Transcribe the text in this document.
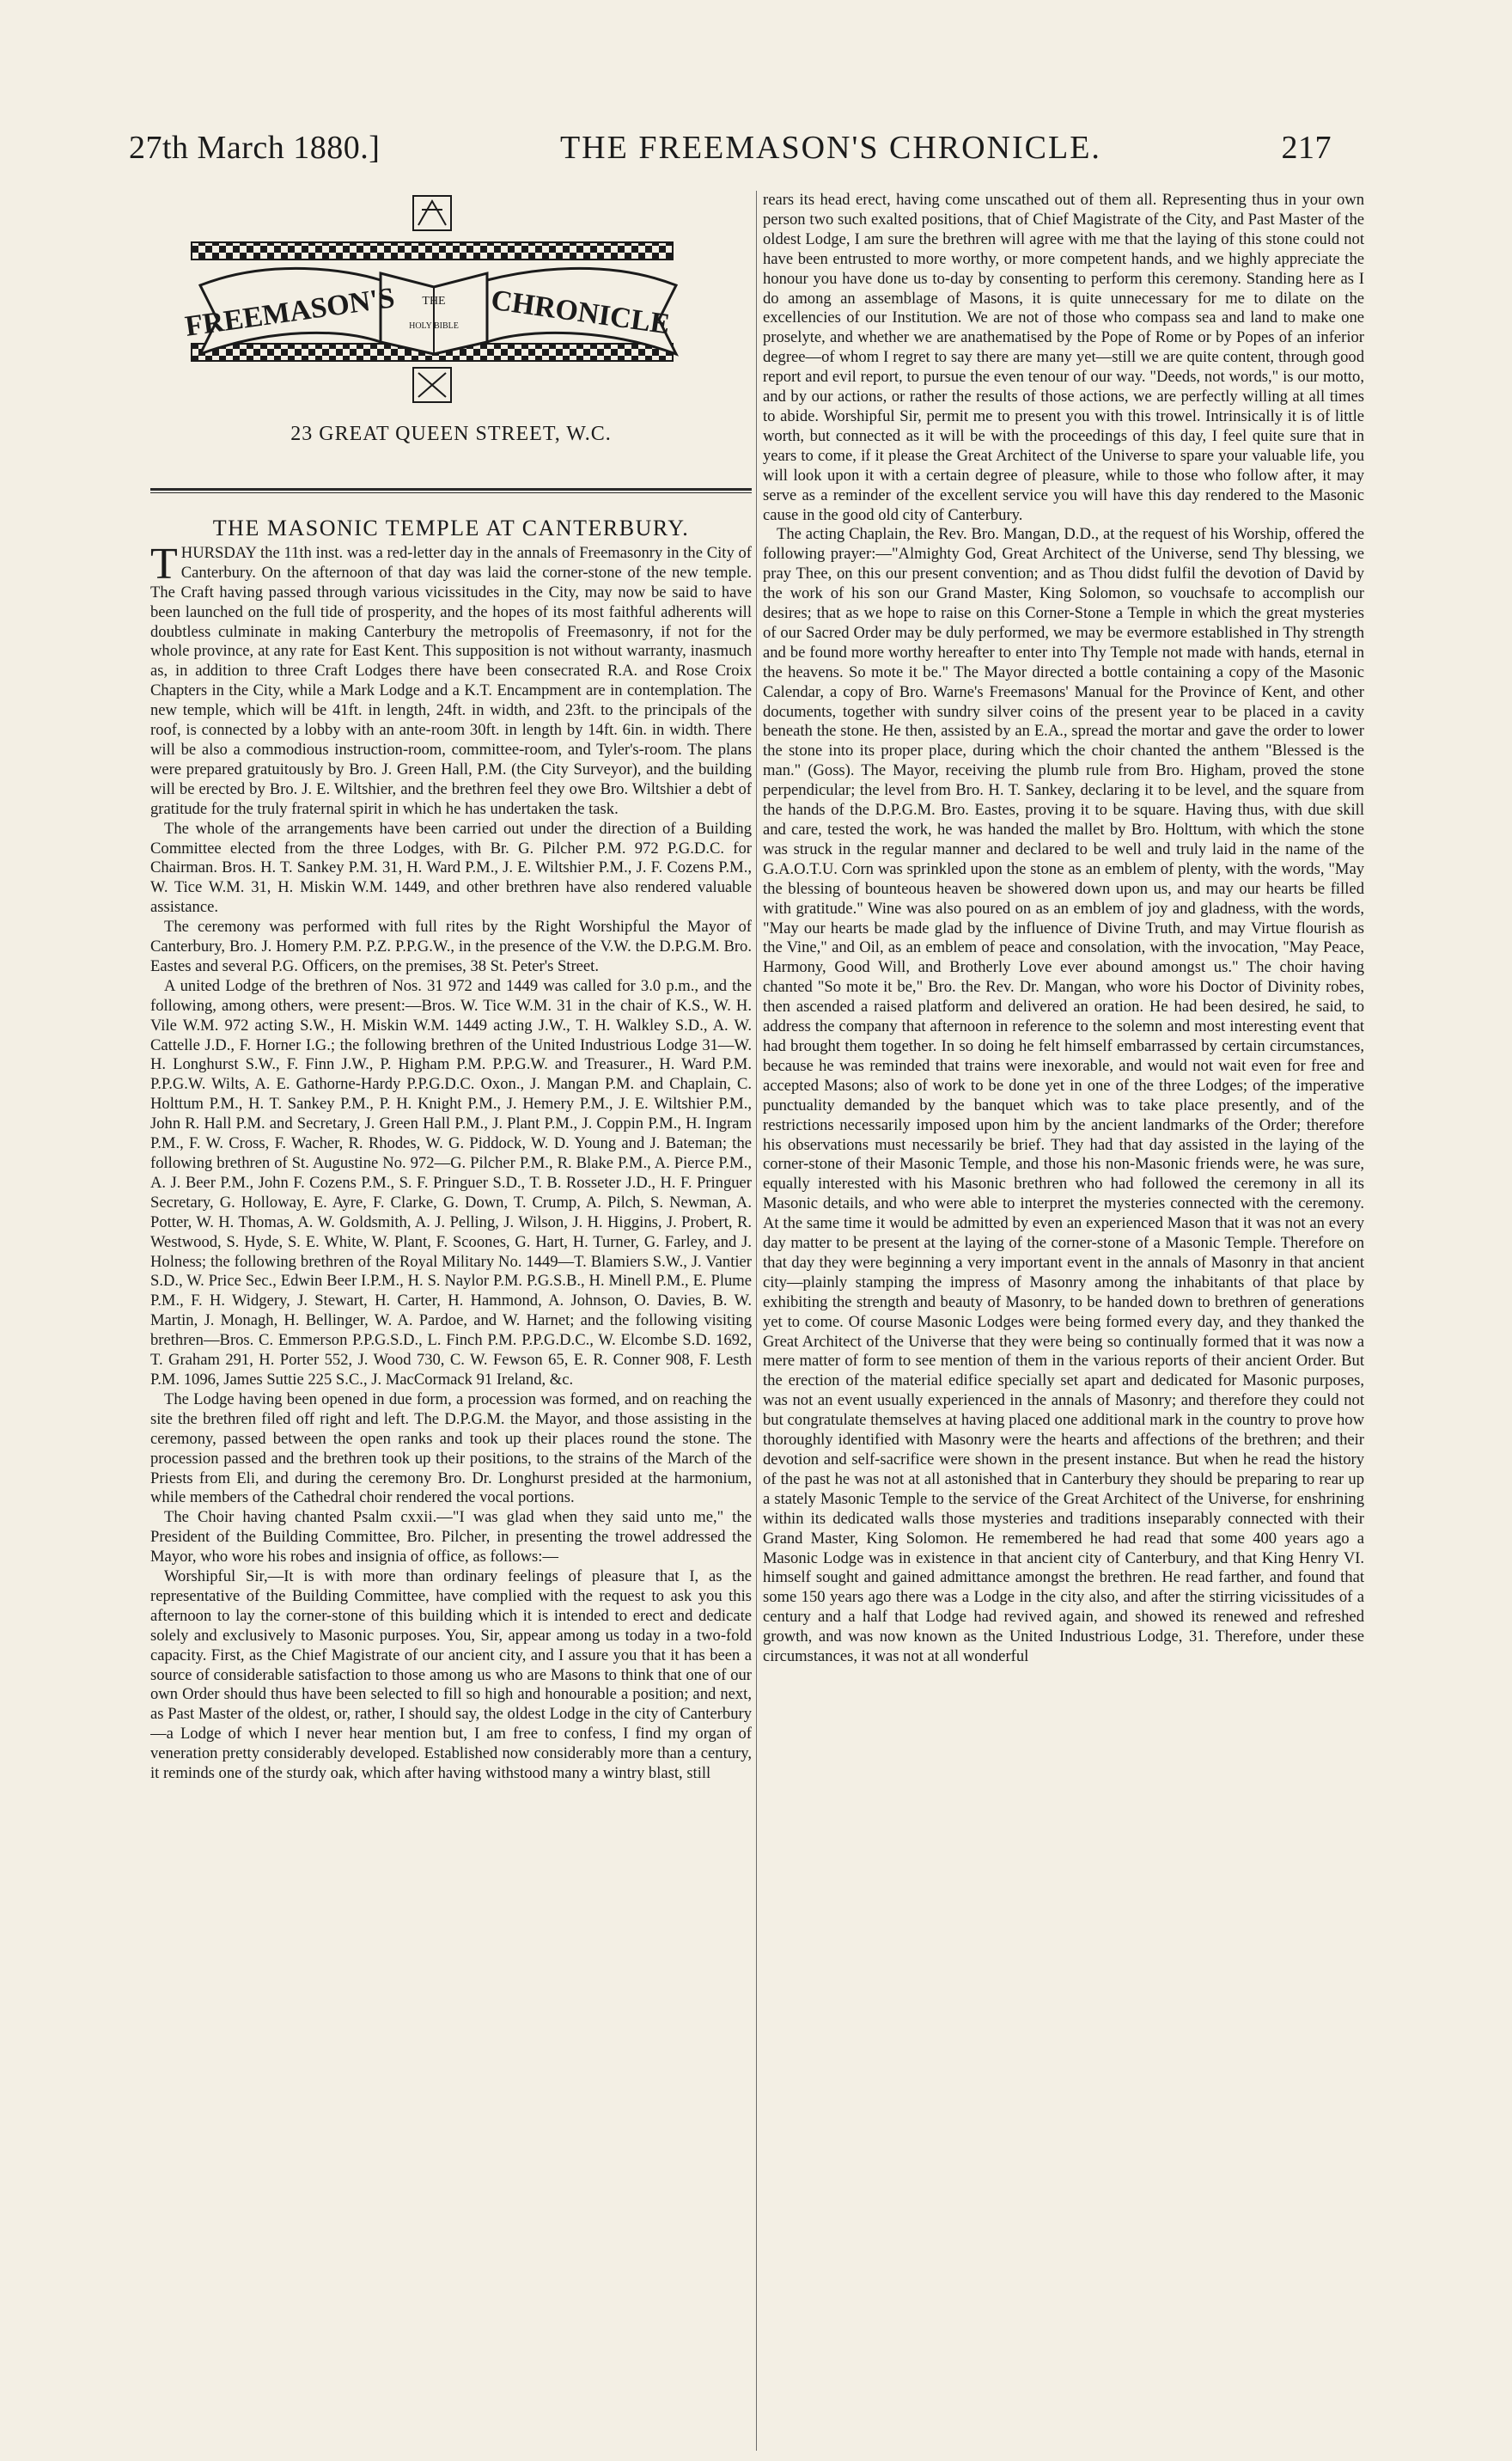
27th March 1880.]	THE FREEMASON'S CHRONICLE.	217
FREEMASON'S THE
HOLY BIBLE CHRONICLE
23 GREAT QUEEN STREET, W.C.
THE MASONIC TEMPLE AT CANTERBURY.

THURSDAY the 11th inst. was a red-letter day in the annals of Freemasonry in the City of Canterbury. On the afternoon of that day was laid the corner-stone of the new temple. The Craft having passed through various vicissitudes in the City, may now be said to have been launched on the full tide of prosperity, and the hopes of its most faithful adherents will doubtless culminate in making Canterbury the metropolis of Freemasonry, if not for the whole province, at any rate for East Kent. This supposition is not without warranty, inasmuch as, in addition to three Craft Lodges there have been consecrated R.A. and Rose Croix Chapters in the City, while a Mark Lodge and a K.T. Encampment are in contemplation. The new temple, which will be 41ft. in length, 24ft. in width, and 23ft. to the principals of the roof, is connected by a lobby with an ante-room 30ft. in length by 14ft. 6in. in width. There will be also a commodious instruction-room, committee-room, and Tyler's-room. The plans were prepared gratuitously by Bro. J. Green Hall, P.M. (the City Surveyor), and the building will be erected by Bro. J. E. Wiltshier, and the brethren feel they owe Bro. Wiltshier a debt of gratitude for the truly fraternal spirit in which he has undertaken the task.

The whole of the arrangements have been carried out under the direction of a Building Committee elected from the three Lodges, with Br. G. Pilcher P.M. 972 P.G.D.C. for Chairman. Bros. H. T. Sankey P.M. 31, H. Ward P.M., J. E. Wiltshier P.M., J. F. Cozens P.M., W. Tice W.M. 31, H. Miskin W.M. 1449, and other brethren have also rendered valuable assistance.

The ceremony was performed with full rites by the Right Worshipful the Mayor of Canterbury, Bro. J. Homery P.M. P.Z. P.P.G.W., in the presence of the V.W. the D.P.G.M. Bro. Eastes and several P.G. Officers, on the premises, 38 St. Peter's Street.

A united Lodge of the brethren of Nos. 31 972 and 1449 was called for 3.0 p.m., and the following, among others, were present:—Bros. W. Tice W.M. 31 in the chair of K.S., W. H. Vile W.M. 972 acting S.W., H. Miskin W.M. 1449 acting J.W., T. H. Walkley S.D., A. W. Cattelle J.D., F. Horner I.G.; the following brethren of the United Industrious Lodge 31—W. H. Longhurst S.W., F. Finn J.W., P. Higham P.M. P.P.G.W. and Treasurer., H. Ward P.M. P.P.G.W. Wilts, A. E. Gathorne-Hardy P.P.G.D.C. Oxon., J. Mangan P.M. and Chaplain, C. Holttum P.M., H. T. Sankey P.M., P. H. Knight P.M., J. Hemery P.M., J. E. Wiltshier P.M., John R. Hall P.M. and Secretary, J. Green Hall P.M., J. Plant P.M., J. Coppin P.M., H. Ingram P.M., F. W. Cross, F. Wacher, R. Rhodes, W. G. Piddock, W. D. Young and J. Bateman; the following brethren of St. Augustine No. 972—G. Pilcher P.M., R. Blake P.M., A. Pierce P.M., A. J. Beer P.M., John F. Cozens P.M., S. F. Pringuer S.D., T. B. Rosseter J.D., H. F. Pringuer Secretary, G. Holloway, E. Ayre, F. Clarke, G. Down, T. Crump, A. Pilch, S. Newman, A. Potter, W. H. Thomas, A. W. Goldsmith, A. J. Pelling, J. Wilson, J. H. Higgins, J. Probert, R. Westwood, S. Hyde, S. E. White, W. Plant, F. Scoones, G. Hart, H. Turner, G. Farley, and J. Holness; the following brethren of the Royal Military No. 1449—T. Blamiers S.W., J. Vantier S.D., W. Price Sec., Edwin Beer I.P.M., H. S. Naylor P.M. P.G.S.B., H. Minell P.M., E. Plume P.M., F. H. Widgery, J. Stewart, H. Carter, H. Hammond, A. Johnson, O. Davies, B. W. Martin, J. Monagh, H. Bellinger, W. A. Pardoe, and W. Harnet; and the following visiting brethren—Bros. C. Emmerson P.P.G.S.D., L. Finch P.M. P.P.G.D.C., W. Elcombe S.D. 1692, T. Graham 291, H. Porter 552, J. Wood 730, C. W. Fewson 65, E. R. Conner 908, F. Lesth P.M. 1096, James Suttie 225 S.C., J. MacCormack 91 Ireland, &c.

The Lodge having been opened in due form, a procession was formed, and on reaching the site the brethren filed off right and left. The D.P.G.M. the Mayor, and those assisting in the ceremony, passed between the open ranks and took up their places round the stone. The procession passed and the brethren took up their positions, to the strains of the March of the Priests from Eli, and during the ceremony Bro. Dr. Longhurst presided at the harmonium, while members of the Cathedral choir rendered the vocal portions.

The Choir having chanted Psalm cxxii.—"I was glad when they said unto me," the President of the Building Committee, Bro. Pilcher, in presenting the trowel addressed the Mayor, who wore his robes and insignia of office, as follows:—

Worshipful Sir,—It is with more than ordinary feelings of pleasure that I, as the representative of the Building Committee, have complied with the request to ask you this afternoon to lay the corner-stone of this building which it is intended to erect and dedicate solely and exclusively to Masonic purposes. You, Sir, appear among us today in a two-fold capacity. First, as the Chief Magistrate of our ancient city, and I assure you that it has been a source of considerable satisfaction to those among us who are Masons to think that one of our own Order should thus have been selected to fill so high and honourable a position; and next, as Past Master of the oldest, or, rather, I should say, the oldest Lodge in the city of Canterbury—a Lodge of which I never hear mention but, I am free to confess, I find my organ of veneration pretty considerably developed. Established now considerably more than a century, it reminds one of the sturdy oak, which after having withstood many a wintry blast, still

rears its head erect, having come unscathed out of them all. Representing thus in your own person two such exalted positions, that of Chief Magistrate of the City, and Past Master of the oldest Lodge, I am sure the brethren will agree with me that the laying of this stone could not have been entrusted to more worthy, or more competent hands, and we highly appreciate the honour you have done us to-day by consenting to perform this ceremony. Standing here as I do among an assemblage of Masons, it is quite unnecessary for me to dilate on the excellencies of our Institution. We are not of those who compass sea and land to make one proselyte, and whether we are anathematised by the Pope of Rome or by Popes of an inferior degree—of whom I regret to say there are many yet—still we are quite content, through good report and evil report, to pursue the even tenour of our way. "Deeds, not words," is our motto, and by our actions, or rather the results of those actions, we are perfectly willing at all times to abide. Worshipful Sir, permit me to present you with this trowel. Intrinsically it is of little worth, but connected as it will be with the proceedings of this day, I feel quite sure that in years to come, if it please the Great Architect of the Universe to spare your valuable life, you will look upon it with a certain degree of pleasure, while to those who follow after, it may serve as a reminder of the excellent service you will have this day rendered to the Masonic cause in the good old city of Canterbury.

The acting Chaplain, the Rev. Bro. Mangan, D.D., at the request of his Worship, offered the following prayer:—"Almighty God, Great Architect of the Universe, send Thy blessing, we pray Thee, on this our present convention; and as Thou didst fulfil the devotion of David by the work of his son our Grand Master, King Solomon, so vouchsafe to accomplish our desires; that as we hope to raise on this Corner-Stone a Temple in which the great mysteries of our Sacred Order may be duly performed, we may be evermore established in Thy strength and be found more worthy hereafter to enter into Thy Temple not made with hands, eternal in the heavens. So mote it be." The Mayor directed a bottle containing a copy of the Masonic Calendar, a copy of Bro. Warne's Freemasons' Manual for the Province of Kent, and other documents, together with sundry silver coins of the present year to be placed in a cavity beneath the stone. He then, assisted by an E.A., spread the mortar and gave the order to lower the stone into its proper place, during which the choir chanted the anthem "Blessed is the man." (Goss). The Mayor, receiving the plumb rule from Bro. Higham, proved the stone perpendicular; the level from Bro. H. T. Sankey, declaring it to be level, and the square from the hands of the D.P.G.M. Bro. Eastes, proving it to be square. Having thus, with due skill and care, tested the work, he was handed the mallet by Bro. Holttum, with which the stone was struck in the regular manner and declared to be well and truly laid in the name of the G.A.O.T.U. Corn was sprinkled upon the stone as an emblem of plenty, with the words, "May the blessing of bounteous heaven be showered down upon us, and may our hearts be filled with gratitude." Wine was also poured on as an emblem of joy and gladness, with the words, "May our hearts be made glad by the influence of Divine Truth, and may Virtue flourish as the Vine," and Oil, as an emblem of peace and consolation, with the invocation, "May Peace, Harmony, Good Will, and Brotherly Love ever abound amongst us." The choir having chanted "So mote it be," Bro. the Rev. Dr. Mangan, who wore his Doctor of Divinity robes, then ascended a raised platform and delivered an oration. He had been desired, he said, to address the company that afternoon in reference to the solemn and most interesting event that had brought them together. In so doing he felt himself embarrassed by certain circumstances, because he was reminded that trains were inexorable, and would not wait even for free and accepted Masons; also of work to be done yet in one of the three Lodges; of the imperative punctuality demanded by the banquet which was to take place presently, and of the restrictions necessarily imposed upon him by the ancient landmarks of the Order; therefore his observations must necessarily be brief. They had that day assisted in the laying of the corner-stone of their Masonic Temple, and those his non-Masonic friends were, he was sure, equally interested with his Masonic brethren who had followed the ceremony in all its Masonic details, and who were able to interpret the mysteries connected with the ceremony. At the same time it would be admitted by even an experienced Mason that it was not an every day matter to be present at the laying of the corner-stone of a Masonic Temple. Therefore on that day they were beginning a very important event in the annals of Masonry in that ancient city—plainly stamping the impress of Masonry among the inhabitants of that place by exhibiting the strength and beauty of Masonry, to be handed down to brethren of generations yet to come. Of course Masonic Lodges were being formed every day, and they thanked the Great Architect of the Universe that they were being so continually formed that it was now a mere matter of form to see mention of them in the various reports of their ancient Order. But the erection of the material edifice specially set apart and dedicated for Masonic purposes, was not an event usually experienced in the annals of Masonry; and therefore they could not but congratulate themselves at having placed one additional mark in the country to prove how thoroughly identified with Masonry were the hearts and affections of the brethren; and their devotion and self-sacrifice were shown in the present instance. But when he read the history of the past he was not at all astonished that in Canterbury they should be preparing to rear up a stately Masonic Temple to the service of the Great Architect of the Universe, for enshrining within its dedicated walls those mysteries and traditions inseparably connected with their Grand Master, King Solomon. He remembered he had read that some 400 years ago a Masonic Lodge was in existence in that ancient city of Canterbury, and that King Henry VI. himself sought and gained admittance amongst the brethren. He read farther, and found that some 150 years ago there was a Lodge in the city also, and after the stirring vicissitudes of a century and a half that Lodge had revived again, and showed its renewed and refreshed growth, and was now known as the United Industrious Lodge, 31. Therefore, under these circumstances, it was not at all wonderful
